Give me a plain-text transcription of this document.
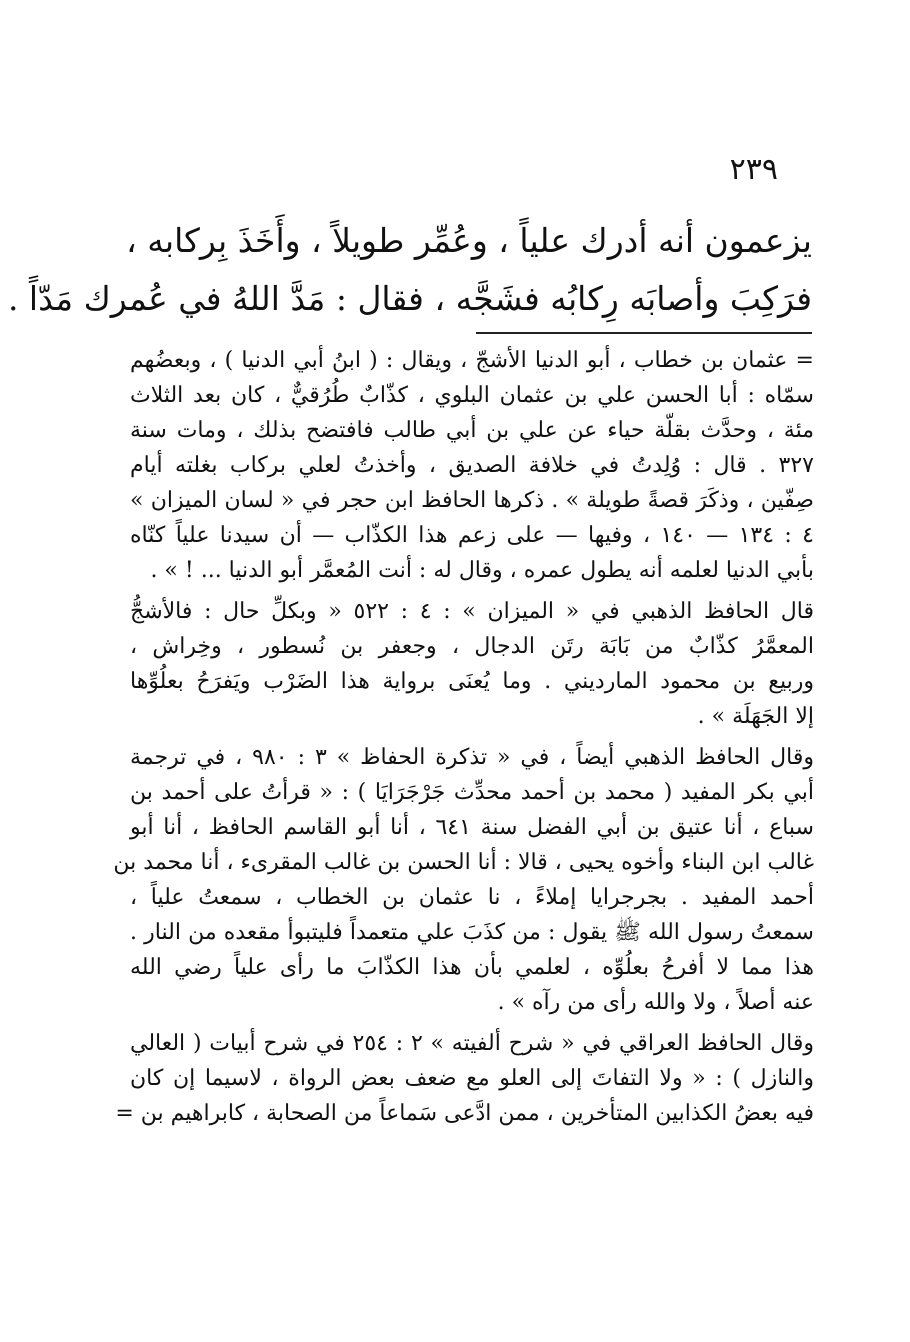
٢٣٩
يزعمون أنه أدرك علياً ، وعُمِّر طويلاً ، وأَخَذَ بِركابه ،
فرَكِبَ وأصابَه رِكابُه فشَجَّه ، فقال : مَدَّ اللهُ في عُمرك مَدّاً .
= عثمان بن خطاب ، أبو الدنيا الأشجّ ، ويقال : ( ابنُ أبي الدنيا ) ، وبعضُهم
سمّاه : أبا الحسن علي بن عثمان البلوي ، كذّابٌ طُرُقيٌّ ، كان بعد الثلاث
مئة ، وحدَّث بقلّة حياء عن علي بن أبي طالب فافتضح بذلك ، ومات سنة
٣٢٧ . قال : وُلِدتُ في خلافة الصديق ، وأخذتُ لعلي بركاب بغلته أيام
صِفّين ، وذكَرَ قصةً طويلة » . ذكرها الحافظ ابن حجر في « لسان الميزان »
٤ : ١٣٤ — ١٤٠ ، وفيها — على زعم هذا الكذّاب — أن سيدنا علياً كنّاه
بأبي الدنيا لعلمه أنه يطول عمره ، وقال له : أنت المُعمَّر أبو الدنيا ... ! » .
قال الحافظ الذهبي في « الميزان » : ٤ : ٥٢٢ « وبكلِّ حال : فالأشجُّ
المعمَّرُ كذّابٌ من بَابَة رتَن الدجال ، وجعفر بن نُسطور ، وخِراش ،
وربيع بن محمود المارديني . وما يُعنَى برواية هذا الضَرْب ويَفرَحُ بعلُوِّها
إلا الجَهَلَة » .
وقال الحافظ الذهبي أيضاً ، في « تذكرة الحفاظ » ٣ : ٩٨٠ ، في ترجمة
أبي بكر المفيد ( محمد بن أحمد محدِّث جَرْجَرَايَا ) : « قرأتُ على أحمد بن
سباع ، أنا عتيق بن أبي الفضل سنة ٦٤١ ، أنا أبو القاسم الحافظ ، أنا أبو
غالب ابن البناء وأخوه يحيى ، قالا : أنا الحسن بن غالب المقرىء ، أنا محمد بن
أحمد المفيد . بجرجرايا إملاءً ، نا عثمان بن الخطاب ، سمعتُ علياً ،
سمعتُ رسول الله ﷺ يقول : من كذَبَ علي متعمداً فليتبوأ مقعده من النار .
هذا مما لا أفرحُ بعلُوِّه ، لعلمي بأن هذا الكذّابَ ما رأى علياً رضي الله
عنه أصلاً ، ولا والله رأى من رآه » .
وقال الحافظ العراقي في « شرح ألفيته » ٢ : ٢٥٤ في شرح أبيات ( العالي
والنازل ) : « ولا التفاتَ إلى العلو مع ضعف بعض الرواة ، لاسيما إن كان
فيه بعضُ الكذابين المتأخرين ، ممن ادَّعى سَماعاً من الصحابة ، كابراهيم بن =
